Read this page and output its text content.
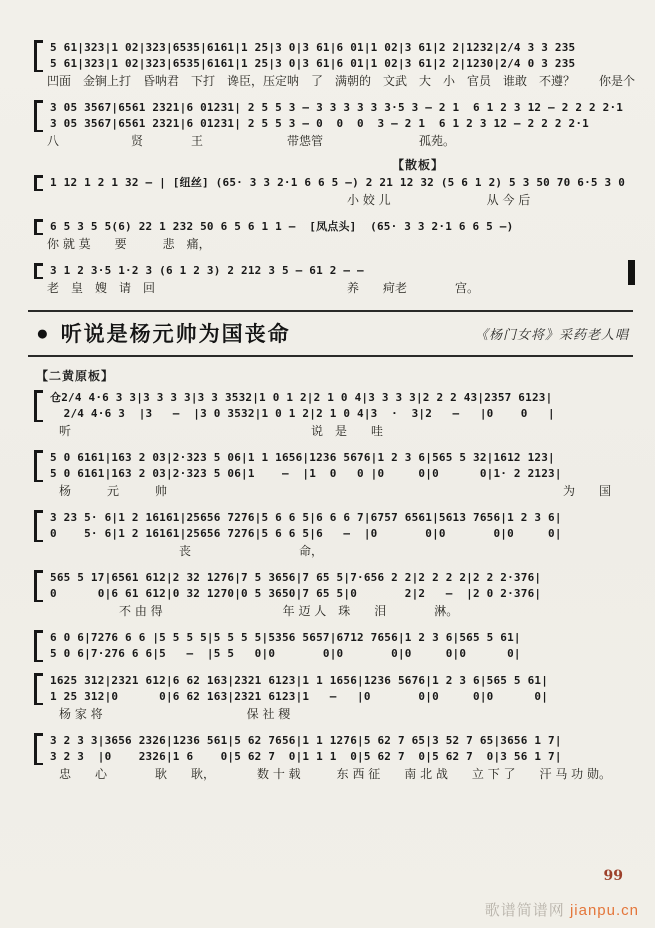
5 61|323|1 02|323|6535|6161|1 25|3 0|3 61|6 01|1 02|3 61|2 2|1232|2/4 3 3 235
5 61|323|1 02|323|6535|6161|1 25|3 0|3 61|6 01|1 02|3 61|2 2|1230|2/4 0 3 235
凹面　金锏上打　昏呐君　下打　谗臣，压定呐　了　满朝的　文武　大　小　官员　谁敢　不遵？　　你是个
3 05 3567|6561 2321|6 01231| 2 5 5 3 — 3 3 3 3 3 3·5 3 — 2 1  6 1 2 3 12 — 2 2 2 2·1
3 05 3567|6561 2321|6 01231| 2 5 5 3 — 0  0  0  3 — 2 1  6 1 2 3 12 — 2 2 2 2·1
八　　　　　　贤　　　　王　　　　　　　带怹管　　　　　　　　孤苑。
【散板】
1 12 1 2 1 32 — | [纽丝] (65· 3 3 2·1 6 6 5 —) 2 21 12 32 (5 6 1 2) 5 3 50 70 6·5 3 0
　　　　　　　　　　　　　　　　　　　　　　　　　小 姣 儿　　　　　　　　从 今 后
6 5 3 5 5(6) 22 1 232 50 6 5 6 1 1 —  [凤点头]  (65· 3 3 2·1 6 6 5 —)
你 就 莫　　要　　　悲　痛，
3 1 2 3·5 1·2 3 (6 1 2 3) 2 212 3 5 — 61 2 — —
老　皇　嫂　请　回　　　　　　　　　　　　　　　　养　　疴老　　　　宫。
● 听说是杨元帅为国丧命	《杨门女将》采药老人唱
【二黄原板】
仓2/4 4·6 3 3|3 3 3 3|3 3 3532|1 0 1 2|2 1 0 4|3 3 3 3|2 2 2 43|2357 6123|
2/4 4·6 3  |3   —  |3 0 3532|1 0 1 2|2 1 0 4|3  ·  3|2   —   |0    0   |
　听　　　　　　　　　　　　　　　　　　　　说　是　　哇
5 0 6161|163 2 03|2·323 5 06|1 1 1656|1236 5676|1 2 3 6|565 5 32|1612 123|
5 0 6161|163 2 03|2·323 5 06|1    —  |1  0   0 |0     0|0      0|1· 2 2123|
　杨　　　元　　　帅　　　　　　　　　　　　　　　　　　　　　　　　　　　　　　　　　为　　国
3 23 5· 6|1 2 16161|25656 7276|5 6 6 5|6 6 6 7|6757 6561|5613 7656|1 2 3 6|
0    5· 6|1 2 16161|25656 7276|5 6 6 5|6   —  |0       0|0       0|0     0|
　　　　　　　　　　　丧　　　　　　　　　命，
565 5 17|6561 612|2 32 1276|7 5 3656|7 65 5|7·656 2 2|2 2 2 2|2 2 2·376|
0      0|6 61 612|0 32 1270|0 5 3650|7 65 5|0       2|2   —  |2 0 2·376|
　　　　　　不 由 得　　　　　　　　　　年 迈 人　珠　　泪　　　　淋。
6 0 6|7276 6 6 |5 5 5 5|5 5 5 5|5356 5657|6712 7656|1 2 3 6|565 5 61|
5 0 6|7·276 6 6|5   —  |5 5   0|0       0|0       0|0     0|0      0|
1625 312|2321 612|6 62 163|2321 6123|1 1 1656|1236 5676|1 2 3 6|565 5 61|
1 25 312|0      0|6 62 163|2321 6123|1   —   |0       0|0     0|0      0|
　杨 家 将　　　　　　　　　　　　保 社 稷
3 2 3 3|3656 2326|1236 561|5 62 7656|1 1 1276|5 62 7 65|3 52 7 65|3656 1 7|
3 2 3  |0    2326|1 6    0|5 62 7  0|1 1 1  0|5 62 7  0|5 62 7  0|3 56 1 7|
　忠　　心　　　　耿　　耿，　　　　数 十 载　　　东 西 征　　南 北 战　　立 下 了　　汗 马 功 勋。
99
歌谱简谱网 jianpu.cn
